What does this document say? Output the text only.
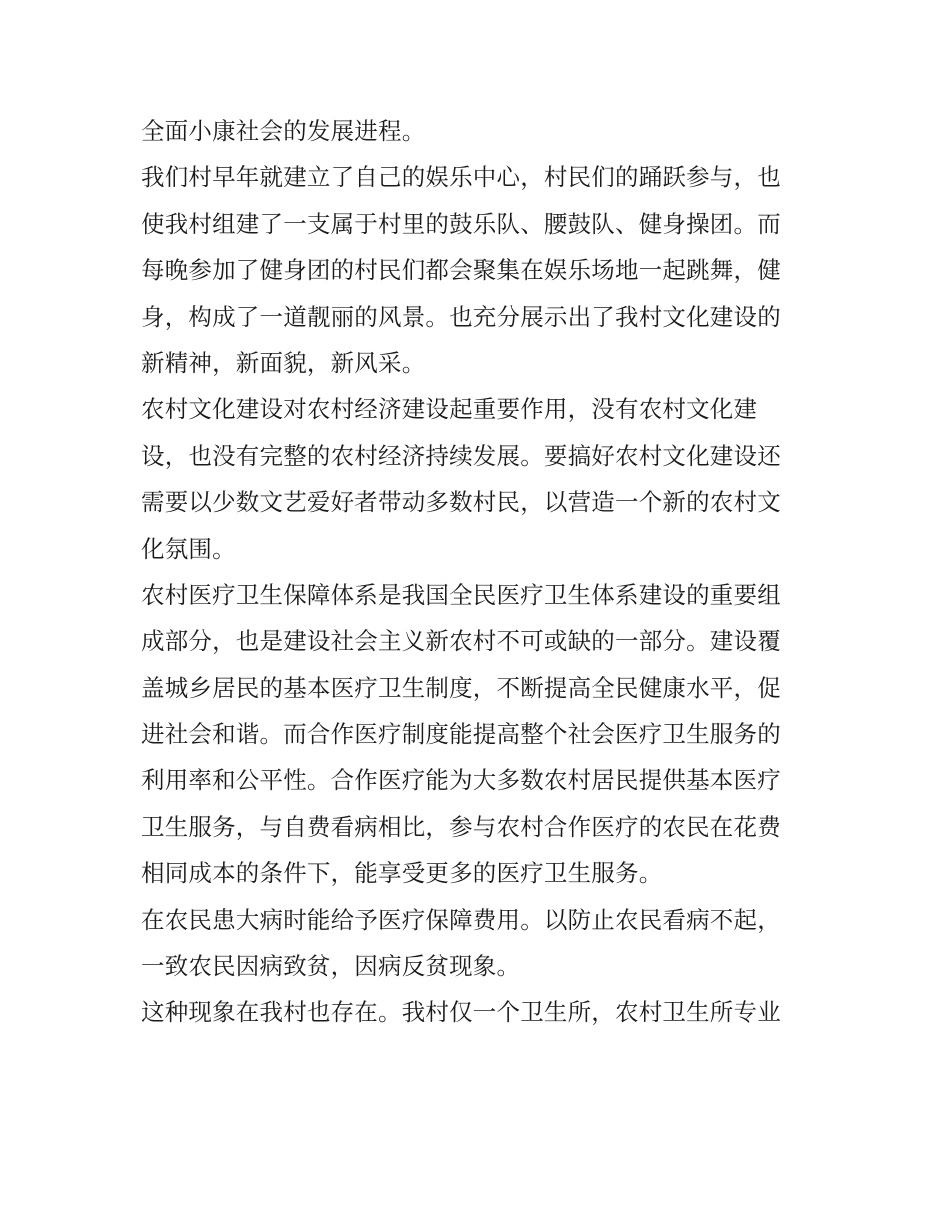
全面小康社会的发展进程。
我们村早年就建立了自己的娱乐中心，村民们的踊跃参与，也
使我村组建了一支属于村里的鼓乐队、腰鼓队、健身操团。而
每晚参加了健身团的村民们都会聚集在娱乐场地一起跳舞，健
身，构成了一道靓丽的风景。也充分展示出了我村文化建设的
新精神，新面貌，新风采。
农村文化建设对农村经济建设起重要作用，没有农村文化建
设，也没有完整的农村经济持续发展。要搞好农村文化建设还
需要以少数文艺爱好者带动多数村民，以营造一个新的农村文
化氛围。
农村医疗卫生保障体系是我国全民医疗卫生体系建设的重要组
成部分，也是建设社会主义新农村不可或缺的一部分。建设覆
盖城乡居民的基本医疗卫生制度，不断提高全民健康水平，促
进社会和谐。而合作医疗制度能提高整个社会医疗卫生服务的
利用率和公平性。合作医疗能为大多数农村居民提供基本医疗
卫生服务，与自费看病相比，参与农村合作医疗的农民在花费
相同成本的条件下，能享受更多的医疗卫生服务。
在农民患大病时能给予医疗保障费用。以防止农民看病不起，
一致农民因病致贫，因病反贫现象。
这种现象在我村也存在。我村仅一个卫生所，农村卫生所专业
